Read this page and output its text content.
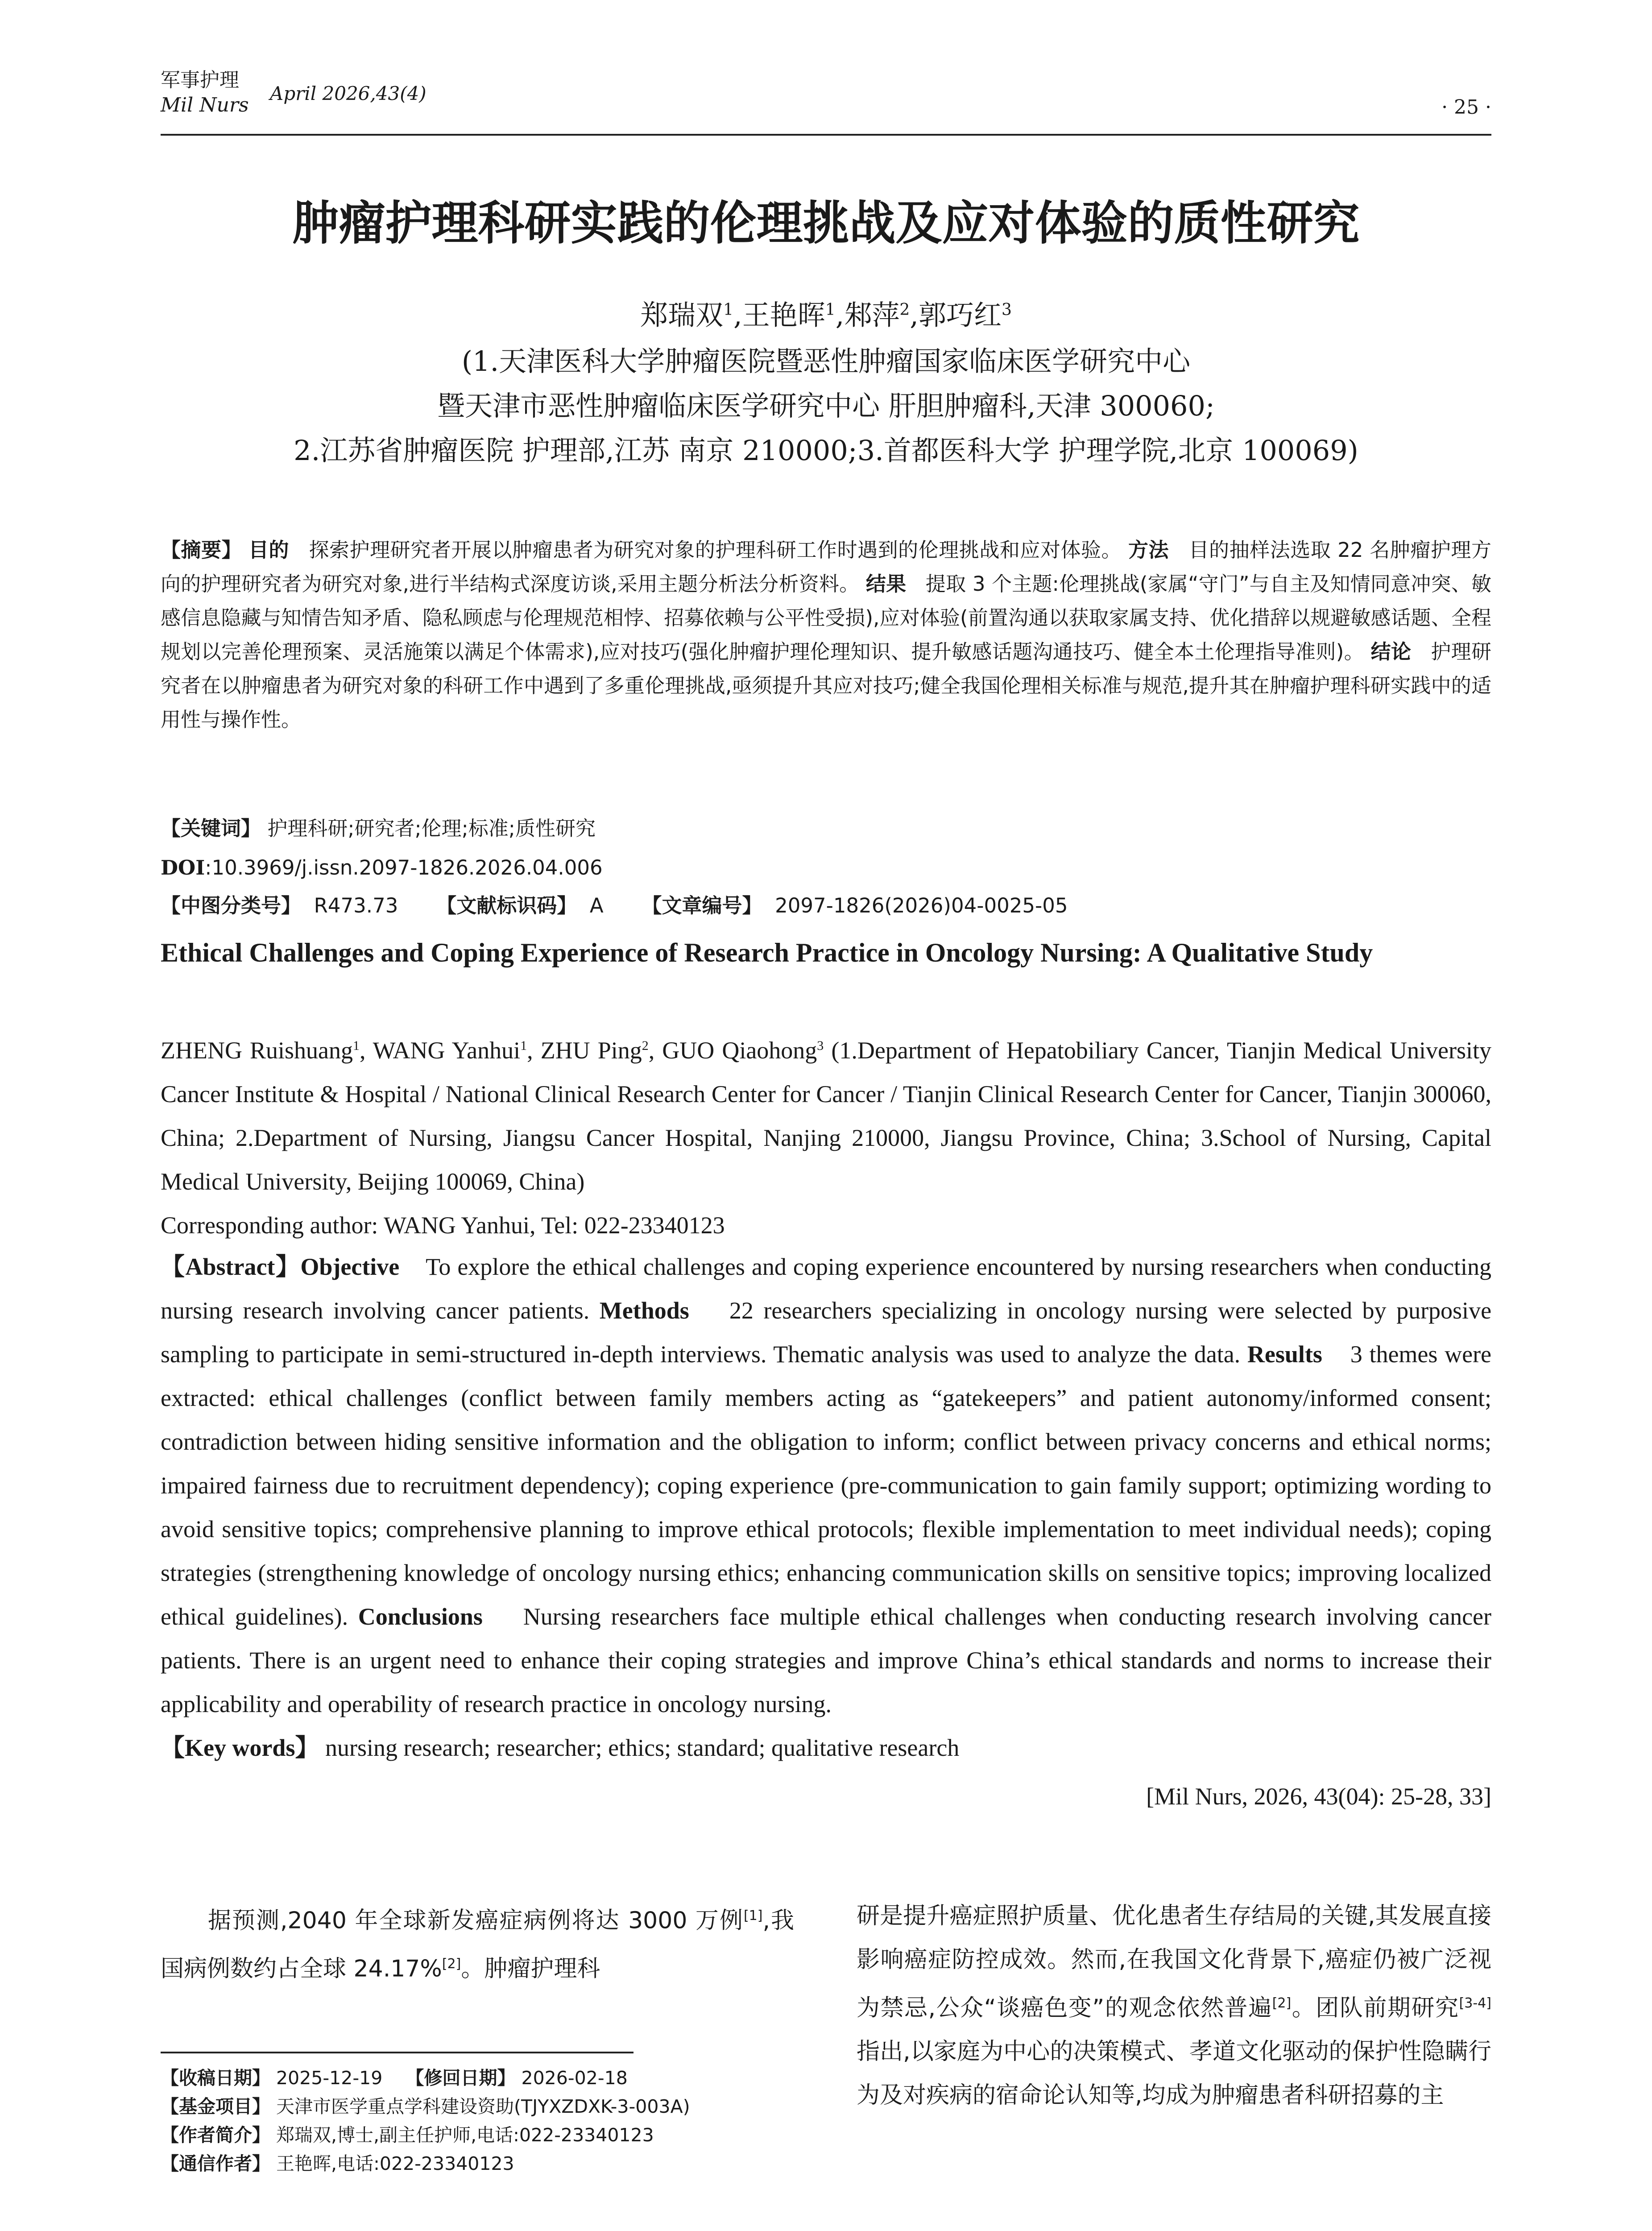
军事护理
Mil Nurs
April 2026,43(4)
· 25 ·
肿瘤护理科研实践的伦理挑战及应对体验的质性研究
郑瑞双$^1$,王艳晖$^1$,邾萍$^2$,郭巧红$^3$
(1.天津医科大学肿瘤医院暨恶性肿瘤国家临床医学研究中心
暨天津市恶性肿瘤临床医学研究中心 肝胆肿瘤科,天津 300060;
2.江苏省肿瘤医院 护理部,江苏 南京 210000;3.首都医科大学 护理学院,北京 100069)
【摘要】 目的 探索护理研究者开展以肿瘤患者为研究对象的护理科研工作时遇到的伦理挑战和应对体验。 方法 目的抽样法选取 22 名肿瘤护理方向的护理研究者为研究对象,进行半结构式深度访谈,采用主题分析法分析资料。 结果 提取 3 个主题:伦理挑战(家属“守门”与自主及知情同意冲突、敏感信息隐藏与知情告知矛盾、隐私顾虑与伦理规范相悖、招募依赖与公平性受损),应对体验(前置沟通以获取家属支持、优化措辞以规避敏感话题、全程规划以完善伦理预案、灵活施策以满足个体需求),应对技巧(强化肿瘤护理伦理知识、提升敏感话题沟通技巧、健全本土伦理指导准则)。 结论 护理研究者在以肿瘤患者为研究对象的科研工作中遇到了多重伦理挑战,亟须提升其应对技巧;健全我国伦理相关标准与规范,提升其在肿瘤护理科研实践中的适用性与操作性。
【关键词】 护理科研;研究者;伦理;标准;质性研究
DOI:10.3969/j.issn.2097-1826.2026.04.006
【中图分类号】 R473.73 【文献标识码】 A 【文章编号】 2097-1826(2026)04-0025-05
Ethical Challenges and Coping Experience of Research Practice in Oncology Nursing: A Qualitative Study
ZHENG Ruishuang$^1$, WANG Yanhui$^1$, ZHU Ping$^2$, GUO Qiaohong$^3$ (1.Department of Hepatobiliary Cancer, Tianjin Medical University Cancer Institute & Hospital / National Clinical Research Center for Cancer / Tianjin Clinical Research Center for Cancer, Tianjin 300060, China; 2.Department of Nursing, Jiangsu Cancer Hospital, Nanjing 210000, Jiangsu Province, China; 3.School of Nursing, Capital Medical University, Beijing 100069, China)
Corresponding author: WANG Yanhui, Tel: 022-23340123
【Abstract】Objective To explore the ethical challenges and coping experience encountered by nursing researchers when conducting nursing research involving cancer patients. Methods 22 researchers specializing in oncology nursing were selected by purposive sampling to participate in semi-structured in-depth interviews. Thematic analysis was used to analyze the data. Results 3 themes were extracted: ethical challenges (conflict between family members acting as “gatekeepers” and patient autonomy/informed consent; contradiction between hiding sensitive information and the obligation to inform; conflict between privacy concerns and ethical norms; impaired fairness due to recruitment dependency); coping experience (pre-communication to gain family support; optimizing wording to avoid sensitive topics; comprehensive planning to improve ethical protocols; flexible implementation to meet individual needs); coping strategies (strengthening knowledge of oncology nursing ethics; enhancing communication skills on sensitive topics; improving localized ethical guidelines). Conclusions Nursing researchers face multiple ethical challenges when conducting research involving cancer patients. There is an urgent need to enhance their coping strategies and improve China’s ethical standards and norms to increase their applicability and operability of research practice in oncology nursing.
【Key words】 nursing research; researcher; ethics; standard; qualitative research
[Mil Nurs, 2026, 43(04): 25-28, 33]
  据预测,2040 年全球新发癌症病例将达 3000 万例[1],我国病例数约占全球 24.17%[2]。肿瘤护理科
研是提升癌症照护质量、优化患者生存结局的关键,其发展直接影响癌症防控成效。然而,在我国文化背景下,癌症仍被广泛视为禁忌,公众“谈癌色变”的观念依然普遍[2]。团队前期研究[3-4]指出,以家庭为中心的决策模式、孝道文化驱动的保护性隐瞒行为及对疾病的宿命论认知等,均成为肿瘤患者科研招募的主
【收稿日期】 2025-12-19 【修回日期】 2026-02-18
【基金项目】 天津市医学重点学科建设资助(TJYXZDXK-3-003A)
【作者简介】 郑瑞双,博士,副主任护师,电话:022-23340123
【通信作者】 王艳晖,电话:022-23340123
